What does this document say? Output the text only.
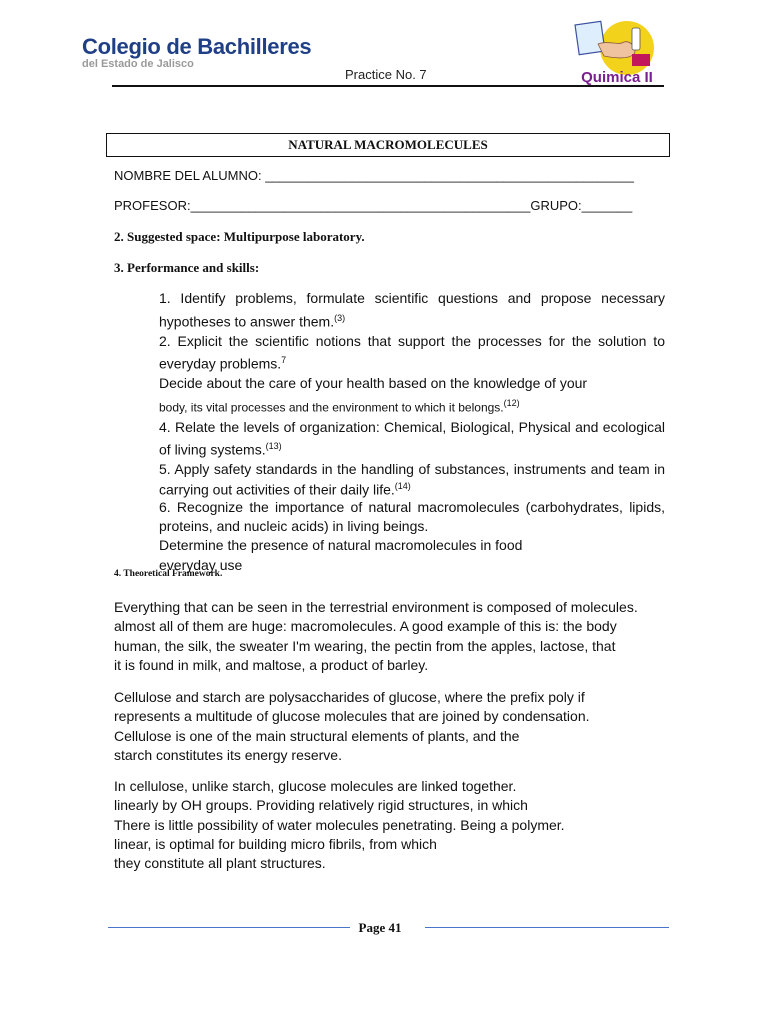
Colegio de Bachilleres
del Estado de Jalisco
Practice No. 7	Quimica II
NATURAL MACROMOLECULES
NOMBRE DEL ALUMNO: ___________________________________________________
PROFESOR:_______________________________________________GRUPO:_______
2. Suggested space: Multipurpose laboratory.
3. Performance and skills:

1. Identify problems, formulate scientific questions and propose necessary hypotheses to answer them.$^{(3)}$

2. Explicit the scientific notions that support the processes for the solution to everyday problems.$^7$

Decide about the care of your health based on the knowledge of your
body, its vital processes and the environment to which it belongs.$^{(12)}$

4. Relate the levels of organization: Chemical, Biological, Physical and ecological of living systems.$^{(13)}$

5. Apply safety standards in the handling of substances, instruments and team in carrying out activities of their daily life.$^{(14)}$

6. Recognize the importance of natural macromolecules (carbohydrates, lipids, proteins, and nucleic acids) in living beings.

Determine the presence of natural macromolecules in food
everyday use

4. Theoretical Framework.
Everything that can be seen in the terrestrial environment is composed of molecules.
almost all of them are huge: macromolecules. A good example of this is: the body
human, the silk, the sweater I'm wearing, the pectin from the apples, lactose, that
it is found in milk, and maltose, a product of barley.
Cellulose and starch are polysaccharides of glucose, where the prefix poly if
represents a multitude of glucose molecules that are joined by condensation.
Cellulose is one of the main structural elements of plants, and the
starch constitutes its energy reserve.
In cellulose, unlike starch, glucose molecules are linked together.
linearly by OH groups. Providing relatively rigid structures, in which
There is little possibility of water molecules penetrating. Being a polymer.
linear, is optimal for building micro fibrils, from which
they constitute all plant structures.
Page 41
